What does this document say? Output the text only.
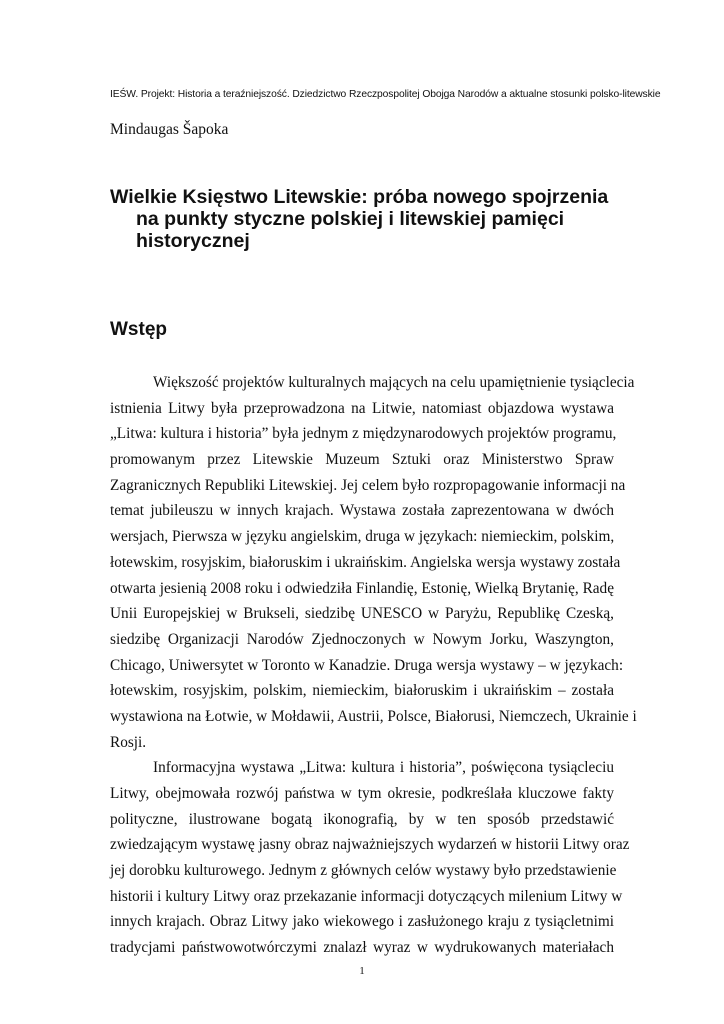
IEŚW. Projekt: Historia a teraźniejszość. Dziedzictwo Rzeczpospolitej Obojga Narodów a aktualne stosunki polsko-litewskie
Mindaugas Šapoka
Wielkie Księstwo Litewskie: próba nowego spojrzenia
na punkty styczne polskiej i litewskiej pamięci
historycznej
Wstęp
Większość projektów kulturalnych mających na celu upamiętnienie tysiąclecia
istnienia Litwy była przeprowadzona na Litwie, natomiast objazdowa wystawa
„Litwa: kultura i historia” była jednym z międzynarodowych projektów programu,
promowanym przez Litewskie Muzeum Sztuki oraz Ministerstwo Spraw
Zagranicznych Republiki Litewskiej. Jej celem było rozpropagowanie informacji na
temat jubileuszu w innych krajach. Wystawa została zaprezentowana w dwóch
wersjach, Pierwsza w języku angielskim, druga w językach: niemieckim, polskim,
łotewskim, rosyjskim, białoruskim i ukraińskim. Angielska wersja wystawy została
otwarta jesienią 2008 roku i odwiedziła Finlandię, Estonię, Wielką Brytanię, Radę
Unii Europejskiej w Brukseli, siedzibę UNESCO w Paryżu, Republikę Czeską,
siedzibę Organizacji Narodów Zjednoczonych w Nowym Jorku, Waszyngton,
Chicago, Uniwersytet w Toronto w Kanadzie. Druga wersja wystawy – w językach:
łotewskim, rosyjskim, polskim, niemieckim, białoruskim i ukraińskim – została
wystawiona na Łotwie, w Mołdawii, Austrii, Polsce, Białorusi, Niemczech, Ukrainie i
Rosji.
Informacyjna wystawa „Litwa: kultura i historia”, poświęcona tysiącleciu
Litwy, obejmowała rozwój państwa w tym okresie, podkreślała kluczowe fakty
polityczne, ilustrowane bogatą ikonografią, by w ten sposób przedstawić
zwiedzającym wystawę jasny obraz najważniejszych wydarzeń w historii Litwy oraz
jej dorobku kulturowego. Jednym z głównych celów wystawy było przedstawienie
historii i kultury Litwy oraz przekazanie informacji dotyczących milenium Litwy w
innych krajach. Obraz Litwy jako wiekowego i zasłużonego kraju z tysiącletnimi
tradycjami państwowotwórczymi znalazł wyraz w wydrukowanych materiałach
1
